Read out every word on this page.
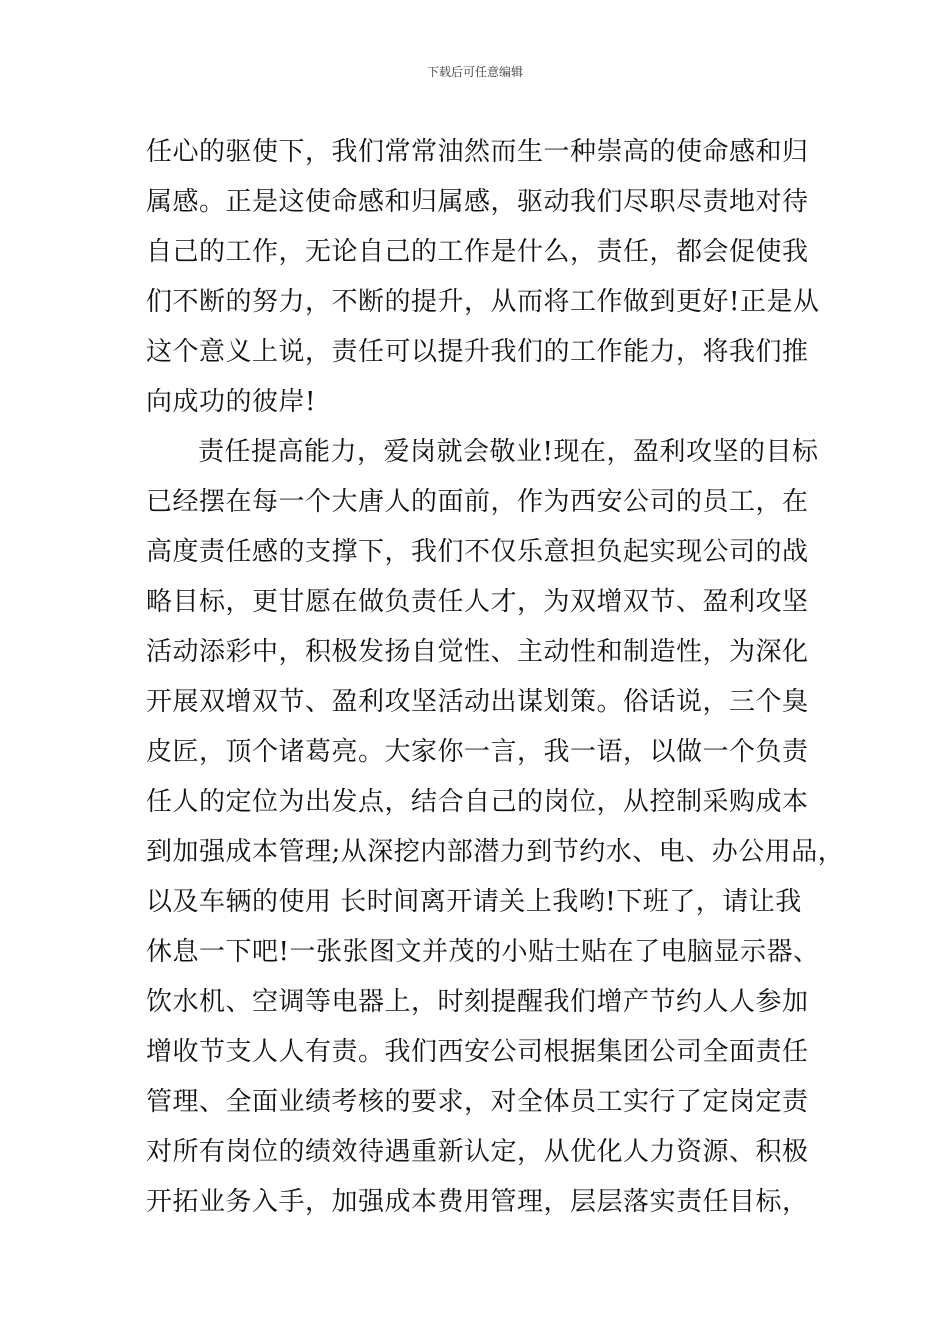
下载后可任意编辑
任心的驱使下，我们常常油然而生一种崇高的使命感和归
属感。正是这使命感和归属感，驱动我们尽职尽责地对待
自己的工作，无论自己的工作是什么，责任，都会促使我
们不断的努力，不断的提升，从而将工作做到更好!正是从
这个意义上说，责任可以提升我们的工作能力，将我们推
向成功的彼岸!
责任提高能力，爱岗就会敬业!现在，盈利攻坚的目标
已经摆在每一个大唐人的面前，作为西安公司的员工，在
高度责任感的支撑下，我们不仅乐意担负起实现公司的战
略目标，更甘愿在做负责任人才，为双增双节、盈利攻坚
活动添彩中，积极发扬自觉性、主动性和制造性，为深化
开展双增双节、盈利攻坚活动出谋划策。俗话说，三个臭
皮匠，顶个诸葛亮。大家你一言，我一语，以做一个负责
任人的定位为出发点，结合自己的岗位，从控制采购成本
到加强成本管理;从深挖内部潜力到节约水、电、办公用品，
以及车辆的使用 长时间离开请关上我哟!下班了，请让我
休息一下吧!一张张图文并茂的小贴士贴在了电脑显示器、
饮水机、空调等电器上，时刻提醒我们增产节约人人参加
增收节支人人有责。我们西安公司根据集团公司全面责任
管理、全面业绩考核的要求，对全体员工实行了定岗定责
对所有岗位的绩效待遇重新认定，从优化人力资源、积极
开拓业务入手，加强成本费用管理，层层落实责任目标，
